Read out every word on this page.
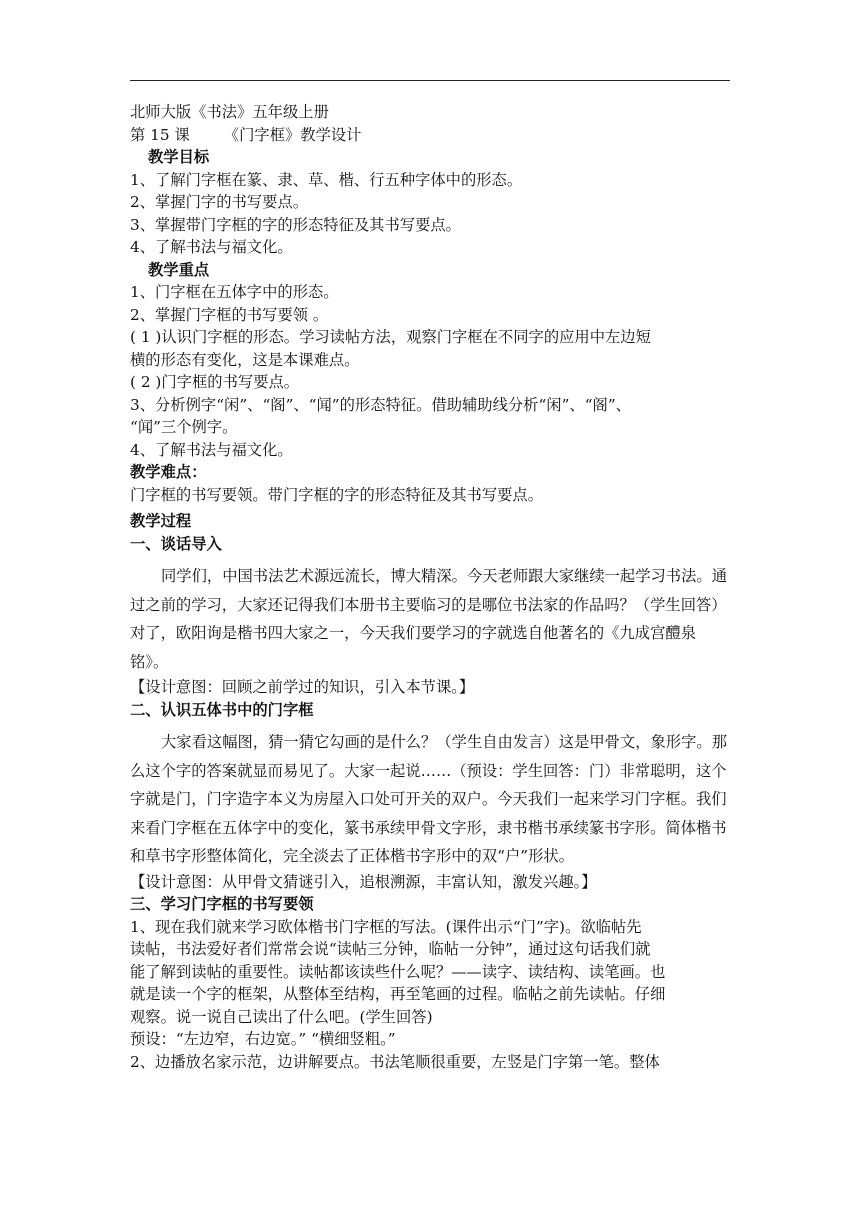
北师大版《书法》五年级上册
第 15 课 《门字框》教学设计
教学目标
1、了解门字框在篆、隶、草、楷、行五种字体中的形态。
2、掌握门字的书写要点。
3、掌握带门字框的字的形态特征及其书写要点。
4、了解书法与福文化。
教学重点
1、门字框在五体字中的形态。
2、掌握门字框的书写要领 。
( 1 )认识门字框的形态。学习读帖方法，观察门字框在不同字的应用中左边短
横的形态有变化，这是本课难点。
( 2 )门字框的书写要点。
3、分析例字“闲”、“阁”、“闻”的形态特征。借助辅助线分析“闲”、“阁”、
“闻”三个例字。
4、了解书法与福文化。
教学难点：
门字框的书写要领。带门字框的字的形态特征及其书写要点。
教学过程
一、谈话导入
同学们，中国书法艺术源远流长，博大精深。今天老师跟大家继续一起学习书法。通过之前的学习，大家还记得我们本册书主要临习的是哪位书法家的作品吗？（学生回答）对了，欧阳询是楷书四大家之一，今天我们要学习的字就选自他著名的《九成宫醴泉铭》。
【设计意图：回顾之前学过的知识，引入本节课。】
二、认识五体书中的门字框
大家看这幅图，猜一猜它勾画的是什么？（学生自由发言）这是甲骨文，象形字。那么这个字的答案就显而易见了。大家一起说……（预设：学生回答：门）非常聪明，这个字就是门，门字造字本义为房屋入口处可开关的双户。今天我们一起来学习门字框。我们来看门字框在五体字中的变化，篆书承续甲骨文字形，隶书楷书承续篆书字形。简体楷书和草书字形整体简化，完全淡去了正体楷书字形中的双“户”形状。
【设计意图：从甲骨文猜谜引入，追根溯源，丰富认知，激发兴趣。】
三、学习门字框的书写要领
1、现在我们就来学习欧体楷书门字框的写法。(课件出示“门”字)。欲临帖先
读帖，书法爱好者们常常会说“读帖三分钟，临帖一分钟”，通过这句话我们就
能了解到读帖的重要性。读帖都该读些什么呢？——读字、读结构、读笔画。也
就是读一个字的框架，从整体至结构，再至笔画的过程。临帖之前先读帖。仔细
观察。说一说自己读出了什么吧。(学生回答)
预设：“左边窄，右边宽。” “横细竖粗。”
2、边播放名家示范，边讲解要点。书法笔顺很重要，左竖是门字第一笔。整体
